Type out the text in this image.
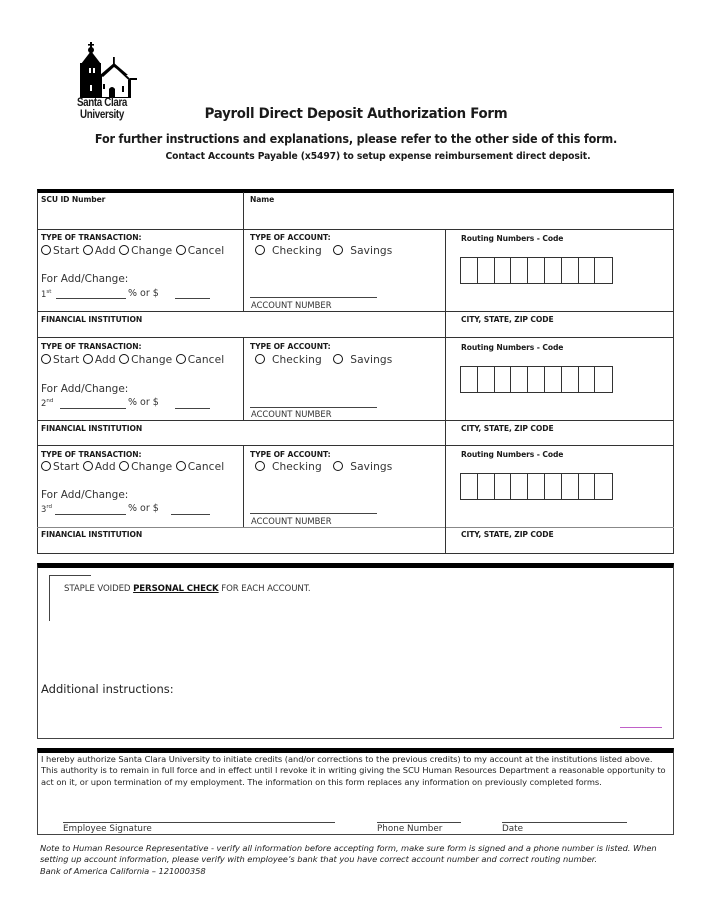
Santa Clara
University	Payroll Direct Deposit Authorization Form
For further instructions and explanations, please refer to the other side of this form.
Contact Accounts Payable (x5497) to setup expense reimbursement direct deposit.
SCU ID Number	Name
TYPE OF TRANSACTION:
Start Add Change Cancel
For Add/Change:
1st	% or $
TYPE OF ACCOUNT:
Checking	Savings
ACCOUNT NUMBER
Routing Numbers - Code
FINANCIAL INSTITUTION	CITY, STATE, ZIP CODE
TYPE OF TRANSACTION:
Start Add Change Cancel
For Add/Change:
2nd	% or $
TYPE OF ACCOUNT:
Checking	Savings
ACCOUNT NUMBER
Routing Numbers - Code
FINANCIAL INSTITUTION	CITY, STATE, ZIP CODE
TYPE OF TRANSACTION:
Start Add Change Cancel
For Add/Change:
3rd	% or $
TYPE OF ACCOUNT:
Checking	Savings
ACCOUNT NUMBER
Routing Numbers - Code
FINANCIAL INSTITUTION	CITY, STATE, ZIP CODE
STAPLE VOIDED PERSONAL CHECK FOR EACH ACCOUNT.
Additional instructions:
I hereby authorize Santa Clara University to initiate credits (and/or corrections to the previous credits) to my account at the institutions listed above. This authority is to remain in full force and in effect until I revoke it in writing giving the SCU Human Resources Department a reasonable opportunity to act on it, or upon termination of my employment. The information on this form replaces any information on previously completed forms.
Employee Signature	Phone Number	Date
Note to Human Resource Representative - verify all information before accepting form, make sure form is signed and a phone number is listed. When setting up account information, please verify with employee’s bank that you have correct account number and correct routing number.
Bank of America California – 121000358
